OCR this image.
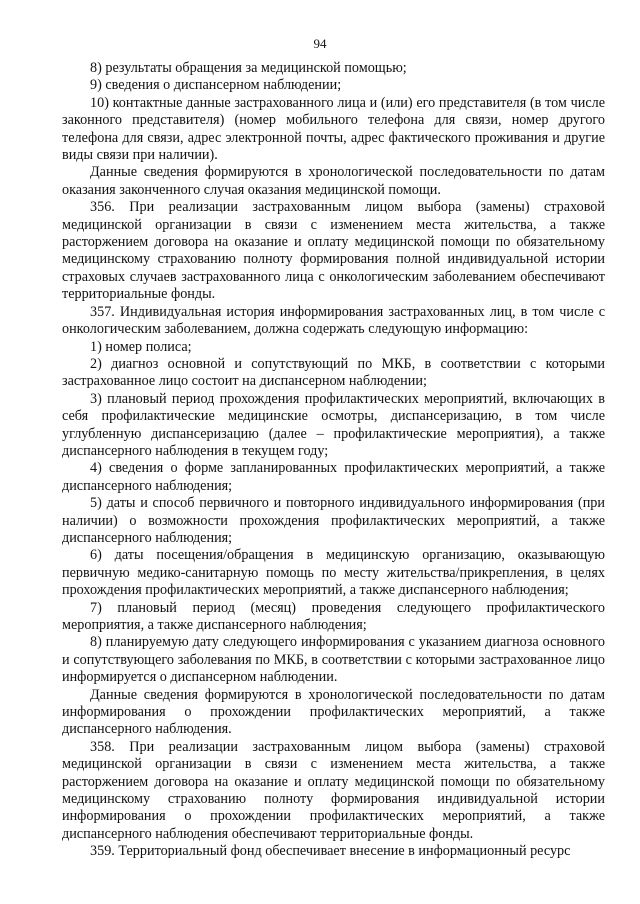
94

8) результаты обращения за медицинской помощью;

9) сведения о диспансерном наблюдении;

10) контактные данные застрахованного лица и (или) его представителя (в том числе законного представителя) (номер мобильного телефона для связи, номер другого телефона для связи, адрес электронной почты, адрес фактического проживания и другие виды связи при наличии).

Данные сведения формируются в хронологической последовательности по датам оказания законченного случая оказания медицинской помощи.

356. При реализации застрахованным лицом выбора (замены) страховой медицинской организации в связи с изменением места жительства, а также расторжением договора на оказание и оплату медицинской помощи по обязательному медицинскому страхованию полноту формирования полной индивидуальной истории страховых случаев застрахованного лица с онкологическим заболеванием обеспечивают территориальные фонды.

357. Индивидуальная история информирования застрахованных лиц, в том числе с онкологическим заболеванием, должна содержать следующую информацию:

1) номер полиса;

2) диагноз основной и сопутствующий по МКБ, в соответствии с которыми застрахованное лицо состоит на диспансерном наблюдении;

3) плановый период прохождения профилактических мероприятий, включающих в себя профилактические медицинские осмотры, диспансеризацию, в том числе углубленную диспансеризацию (далее – профилактические мероприятия), а также диспансерного наблюдения в текущем году;

4) сведения о форме запланированных профилактических мероприятий, а также диспансерного наблюдения;

5) даты и способ первичного и повторного индивидуального информирования (при наличии) о возможности прохождения профилактических мероприятий, а также диспансерного наблюдения;

6) даты посещения/обращения в медицинскую организацию, оказывающую первичную медико-санитарную помощь по месту жительства/прикрепления, в целях прохождения профилактических мероприятий, а также диспансерного наблюдения;

7) плановый период (месяц) проведения следующего профилактического мероприятия, а также диспансерного наблюдения;

8) планируемую дату следующего информирования с указанием диагноза основного и сопутствующего заболевания по МКБ, в соответствии с которыми застрахованное лицо информируется о диспансерном наблюдении.

Данные сведения формируются в хронологической последовательности по датам информирования о прохождении профилактических мероприятий, а также диспансерного наблюдения.

358. При реализации застрахованным лицом выбора (замены) страховой медицинской организации в связи с изменением места жительства, а также расторжением договора на оказание и оплату медицинской помощи по обязательному медицинскому страхованию полноту формирования индивидуальной истории информирования о прохождении профилактических мероприятий, а также диспансерного наблюдения обеспечивают территориальные фонды.

359. Территориальный фонд обеспечивает внесение в информационный ресурс
